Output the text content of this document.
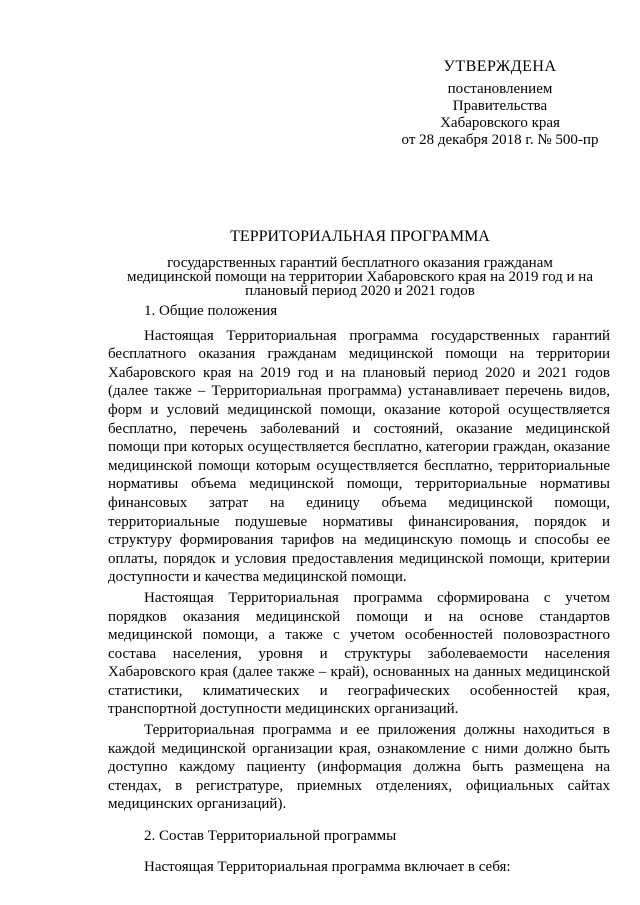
УТВЕРЖДЕНА
постановлением
Правительства
Хабаровского края
от 28 декабря 2018 г. № 500-пр
ТЕРРИТОРИАЛЬНАЯ ПРОГРАММА
государственных гарантий бесплатного оказания гражданам
медицинской помощи на территории Хабаровского края на 2019 год и на
плановый период 2020 и 2021 годов
1. Общие положения

Настоящая Территориальная программа государственных гарантий бесплатного оказания гражданам медицинской помощи на территории Хабаровского края на 2019 год и на плановый период 2020 и 2021 годов (далее также – Территориальная программа) устанавливает перечень видов, форм и условий медицинской помощи, оказание которой осуществляется бесплатно, перечень заболеваний и состояний, оказание медицинской помощи при которых осуществляется бесплатно, категории граждан, оказание медицинской помощи которым осуществляется бесплатно, территориальные нормативы объема медицинской помощи, территориальные нормативы финансовых затрат на единицу объема медицинской помощи, территориальные подушевые нормативы финансирования, порядок и структуру формирования тарифов на медицинскую помощь и способы ее оплаты, порядок и условия предоставления медицинской помощи, критерии доступности и качества медицинской помощи.

Настоящая Территориальная программа сформирована с учетом порядков оказания медицинской помощи и на основе стандартов медицинской помощи, а также с учетом особенностей половозрастного состава населения, уровня и структуры заболеваемости населения Хабаровского края (далее также – край), основанных на данных медицинской статистики, климатических и географических особенностей края, транспортной доступности медицинских организаций.

Территориальная программа и ее приложения должны находиться в каждой медицинской организации края, ознакомление с ними должно быть доступно каждому пациенту (информация должна быть размещена на стендах, в регистратуре, приемных отделениях, официальных сайтах медицинских организаций).

2. Состав Территориальной программы

Настоящая Территориальная программа включает в себя:
